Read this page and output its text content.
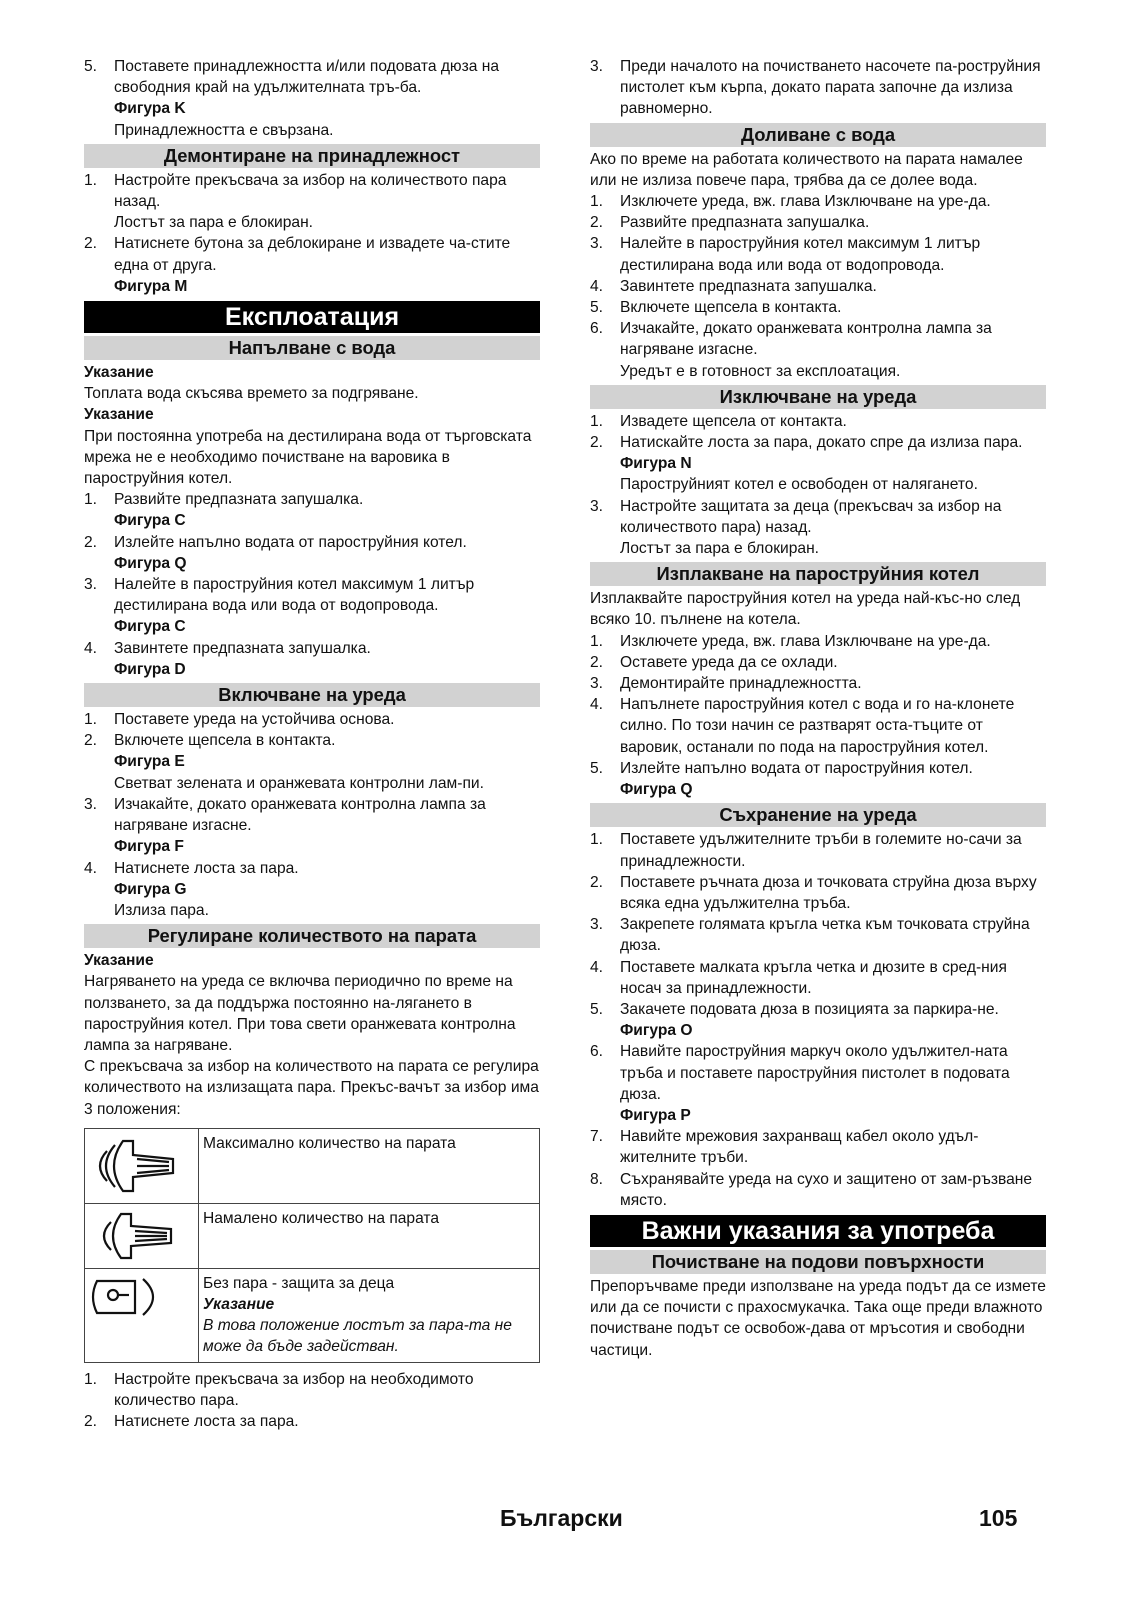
5.	Поставете принадлежността и/или подовата дюза на свободния край на удължителната тръ-ба.

Фигура K

Принадлежността е свързана.

Демонтиране на принадлежност
1.	Настройте прекъсвача за избор на количеството пара назад.

Лостът за пара е блокиран.

2.	Натиснете бутона за деблокиране и извадете ча-стите една от друга.

Фигура M

Експлоатация
Напълване с вода

Указание

Топлата вода скъсява времето за подгряване.

Указание

При постоянна употреба на дестилирана вода от търговската мрежа не е необходимо почистване на варовика в пароструйния котел.

1.	Развийте предпазната запушалка.

Фигура C

2.	Излейте напълно водата от пароструйния котел.

Фигура Q

3.	Налейте в пароструйния котел максимум 1 литър дестилирана вода или вода от водопровода.

Фигура C

4.	Завинтете предпазната запушалка.

Фигура D

Включване на уреда
1.	Поставете уреда на устойчива основа.
2.	Включете щепсела в контакта.

Фигура E

Светват зелената и оранжевата контролни лам-пи.

3.	Изчакайте, докато оранжевата контролна лампа за нагряване изгасне.

Фигура F

4.	Натиснете лоста за пара.

Фигура G

Излиза пара.

Регулиране количеството на парата

Указание

Нагряването на уреда се включва периодично по време на ползването, за да поддържа постоянно на-лягането в пароструйния котел. При това свети оранжевата контролна лампа за нагряване.

С прекъсвача за избор на количеството на парата се регулира количеството на излизащата пара. Прекъс-вачът за избор има 3 положения:

	Максимално количество на парата

	Намалено количество на парата

Без пара - защита за деца
Указание
В това положение лостът за пара-та не може да бъде задействан.
1.	Настройте прекъсвача за избор на необходимото количество пара.
2.	Натиснете лоста за пара.
3.	Преди началото на почистването насочете па-роструйния пистолет към кърпа, докато парата започне да излиза равномерно.
Доливане с вода

Ако по време на работата количеството на парата намалее или не излиза повече пара, трябва да се долее вода.

1.	Изключете уреда, вж. глава Изключване на уре-да.
2.	Развийте предпазната запушалка.
3.	Налейте в пароструйния котел максимум 1 литър дестилирана вода или вода от водопровода.
4.	Завинтете предпазната запушалка.
5.	Включете щепсела в контакта.
6.	Изчакайте, докато оранжевата контролна лампа за нагряване изгасне.

Уредът е в готовност за експлоатация.

Изключване на уреда
1.	Извадете щепсела от контакта.
2.	Натискайте лоста за пара, докато спре да излиза пара.

Фигура N

Пароструйният котел е освободен от налягането.

3.	Настройте защитата за деца (прекъсвач за избор на количеството пара) назад.

Лостът за пара е блокиран.

Изплакване на пароструйния котел

Изплаквайте пароструйния котел на уреда най-къс-но след всяко 10. пълнене на котела.

1.	Изключете уреда, вж. глава Изключване на уре-да.
2.	Оставете уреда да се охлади.
3.	Демонтирайте принадлежността.
4.	Напълнете пароструйния котел с вода и го на-клонете силно. По този начин се разтварят оста-тъците от варовик, останали по пода на пароструйния котел.
5.	Излейте напълно водата от пароструйния котел.

Фигура Q

Съхранение на уреда
1.	Поставете удължителните тръби в големите но-сачи за принадлежности.
2.	Поставете ръчната дюза и точковата струйна дюза върху всяка една удължителна тръба.
3.	Закрепете голямата кръгла четка към точковата струйна дюза.
4.	Поставете малката кръгла четка и дюзите в сред-ния носач за принадлежности.
5.	Закачете подовата дюза в позицията за паркира-не.

Фигура O

6.	Навийте пароструйния маркуч около удължител-ната тръба и поставете пароструйния пистолет в подовата дюза.

Фигура P

7.	Навийте мрежовия захранващ кабел около удъл-жителните тръби.
8.	Съхранявайте уреда на сухо и защитено от зам-ръзване място.
Важни указания за употреба
Почистване на подови повърхности

Препоръчваме преди използване на уреда подът да се измете или да се почисти с прахосмукачка. Така още преди влажното почистване подът се освобож-дава от мръсотия и свободни частици.

Български	105
